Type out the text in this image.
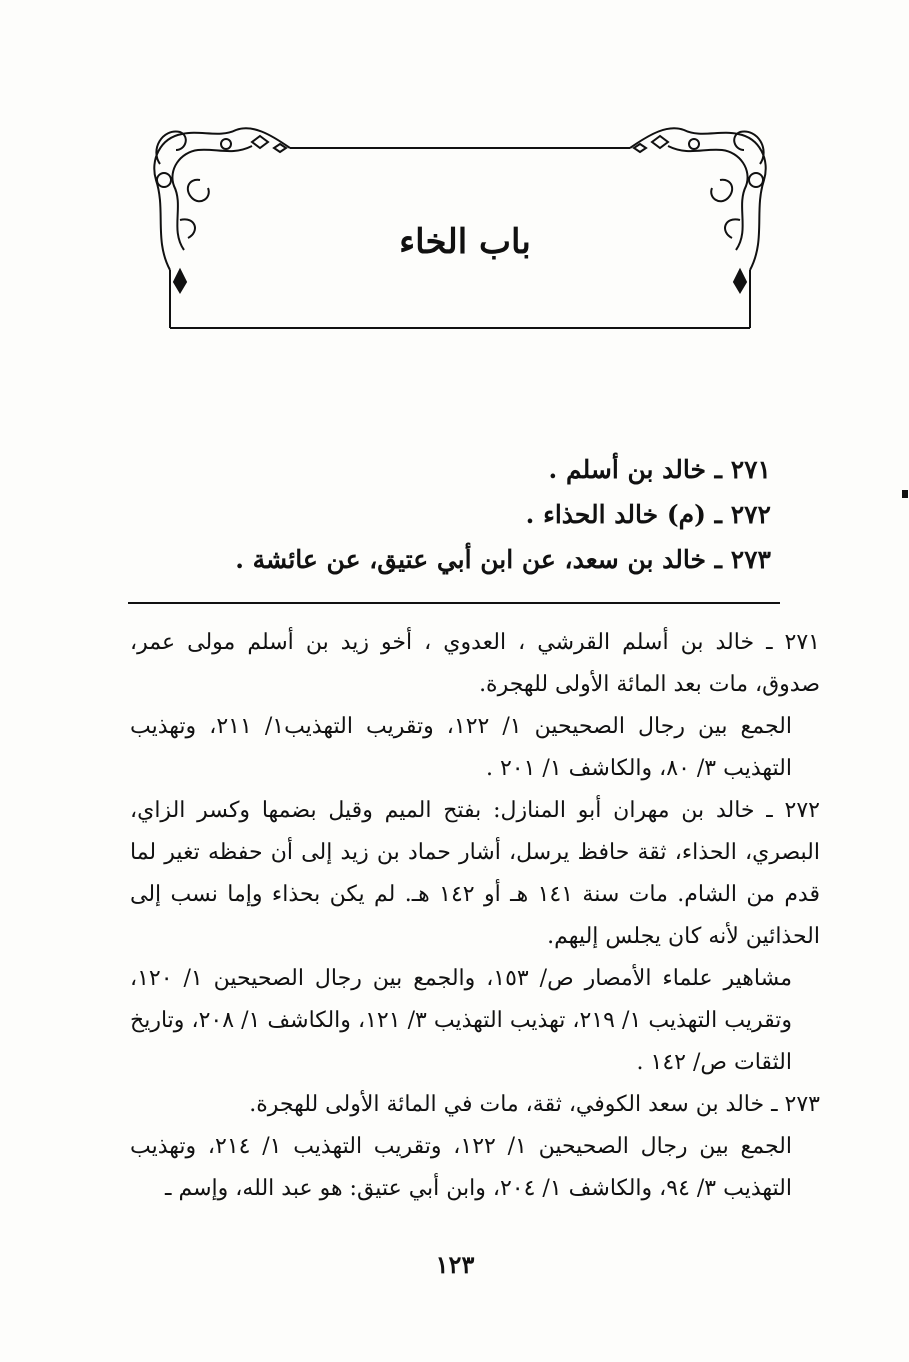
باب الخاء
٢٧١ ـ خالد بن أسلم .
٢٧٢ ـ (م) خالد الحذاء .
٢٧٣ ـ خالد بن سعد، عن ابن أبي عتيق، عن عائشة .

٢٧١ ـ خالد بن أسلم القرشي ، العدوي ، أخو زيد بن أسلم مولى عمر، صدوق، مات بعد المائة الأولى للهجرة.

الجمع بين رجال الصحيحين ١/ ١٢٢، وتقريب التهذيب١/ ٢١١، وتهذيب التهذيب ٣/ ٨٠، والكاشف ١/ ٢٠١ .

٢٧٢ ـ خالد بن مهران أبو المنازل: بفتح الميم وقيل بضمها وكسر الزاي، البصري، الحذاء، ثقة حافظ يرسل، أشار حماد بن زيد إلى أن حفظه تغير لما قدم من الشام. مات سنة ١٤١ هـ أو ١٤٢ هـ. لم يكن بحذاء وإما نسب إلى الحذائين لأنه كان يجلس إليهم.

مشاهير علماء الأمصار ص/ ١٥٣، والجمع بين رجال الصحيحين ١/ ١٢٠، وتقريب التهذيب ١/ ٢١٩، تهذيب التهذيب ٣/ ١٢١، والكاشف ١/ ٢٠٨، وتاريخ الثقات ص/ ١٤٢ .

٢٧٣ ـ خالد بن سعد الكوفي، ثقة، مات في المائة الأولى للهجرة.

الجمع بين رجال الصحيحين ١/ ١٢٢، وتقريب التهذيب ١/ ٢١٤، وتهذيب التهذيب ٣/ ٩٤، والكاشف ١/ ٢٠٤، وابن أبي عتيق: هو عبد الله، وإسم ـ

١٢٣
